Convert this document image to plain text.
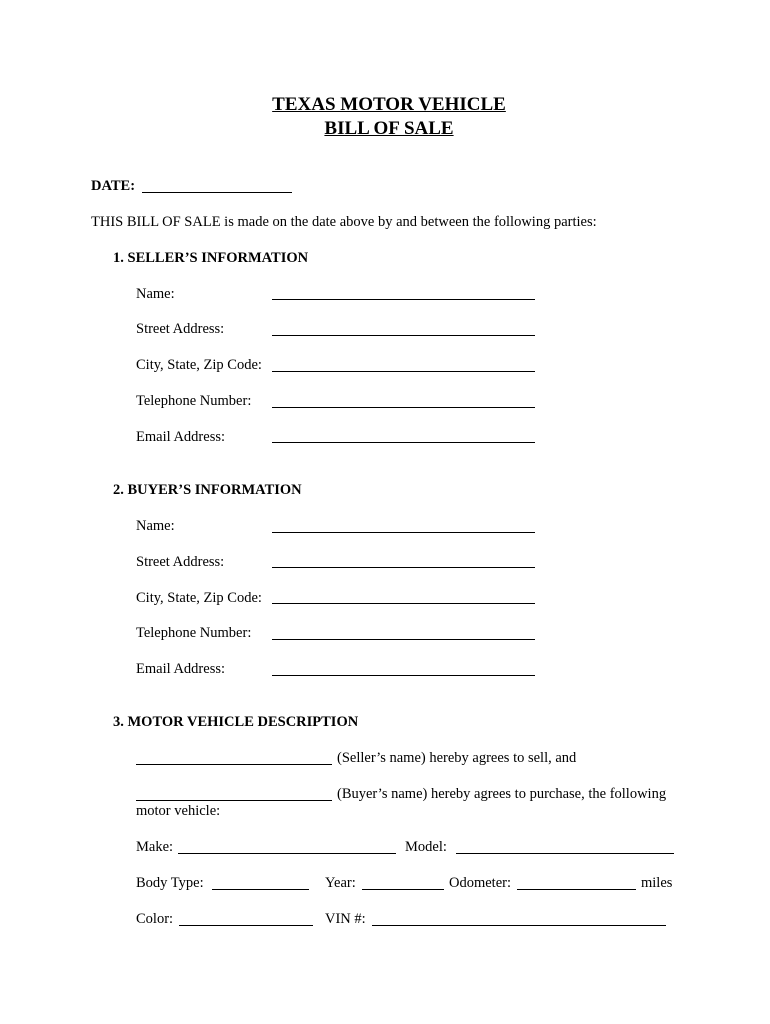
TEXAS MOTOR VEHICLE
BILL OF SALE
DATE:
THIS BILL OF SALE is made on the date above by and between the following parties:
1. SELLER’S INFORMATION
Name:
Street Address:
City, State, Zip Code:
Telephone Number:
Email Address:
2. BUYER’S INFORMATION
Name:
Street Address:
City, State, Zip Code:
Telephone Number:
Email Address:
3. MOTOR VEHICLE DESCRIPTION
(Seller’s name) hereby agrees to sell, and
(Buyer’s name) hereby agrees to purchase, the following
motor vehicle:
Make:	Model:
Body Type:	Year:	Odometer:	miles
Color:	VIN #:
